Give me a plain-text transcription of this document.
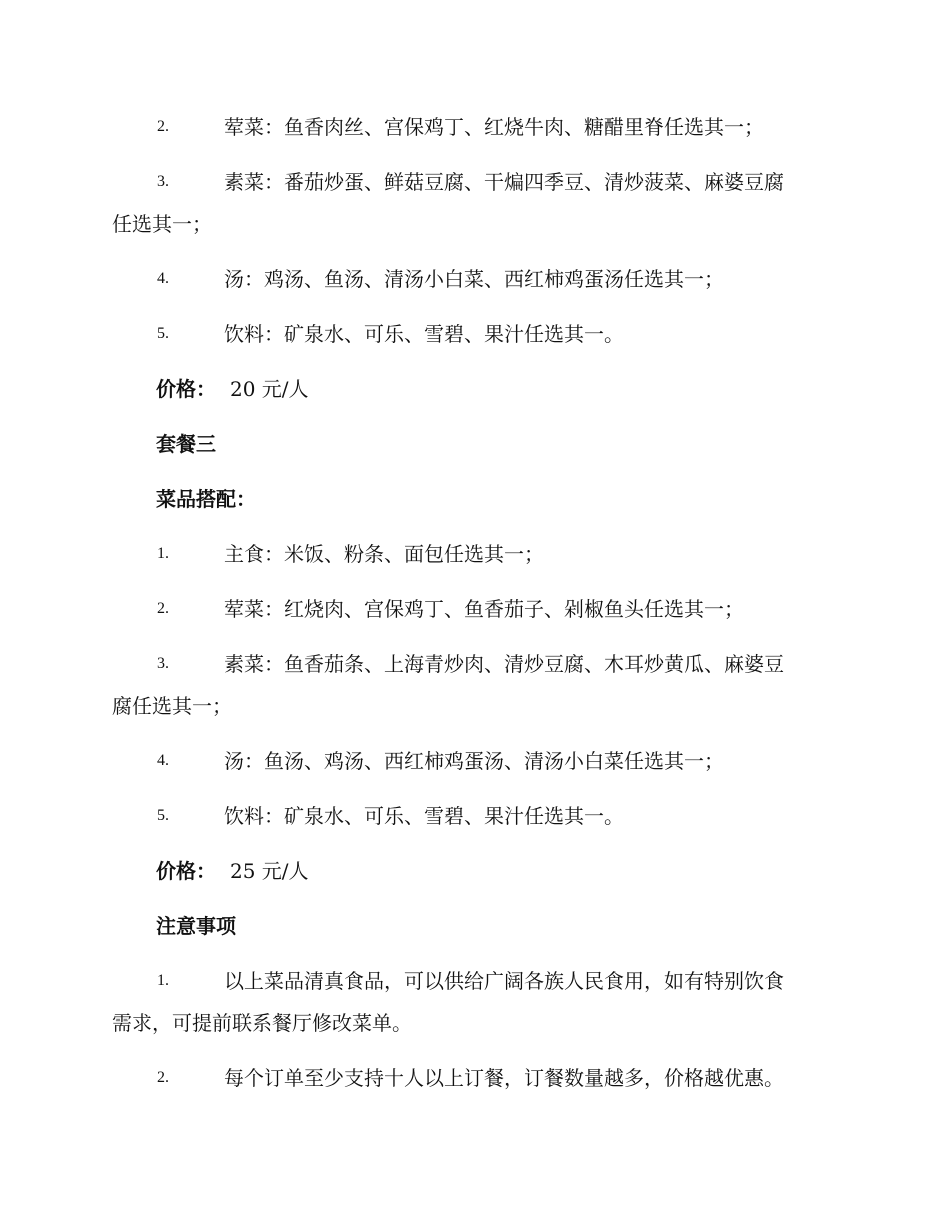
2.	荤菜：鱼香肉丝、宫保鸡丁、红烧牛肉、糖醋里脊任选其一；
3.	素菜：番茄炒蛋、鲜菇豆腐、干煸四季豆、清炒菠菜、麻婆豆腐
任选其一；
4.	汤：鸡汤、鱼汤、清汤小白菜、西红柿鸡蛋汤任选其一；
5.	饮料：矿泉水、可乐、雪碧、果汁任选其一。
价格： 20 元/人
套餐三
菜品搭配：
1.	主食：米饭、粉条、面包任选其一；
2.	荤菜：红烧肉、宫保鸡丁、鱼香茄子、剁椒鱼头任选其一；
3.	素菜：鱼香茄条、上海青炒肉、清炒豆腐、木耳炒黄瓜、麻婆豆
腐任选其一；
4.	汤：鱼汤、鸡汤、西红柿鸡蛋汤、清汤小白菜任选其一；
5.	饮料：矿泉水、可乐、雪碧、果汁任选其一。
价格： 25 元/人
注意事项
1.	以上菜品清真食品，可以供给广阔各族人民食用，如有特别饮食
需求，可提前联系餐厅修改菜单。
2.	每个订单至少支持十人以上订餐，订餐数量越多，价格越优惠。
